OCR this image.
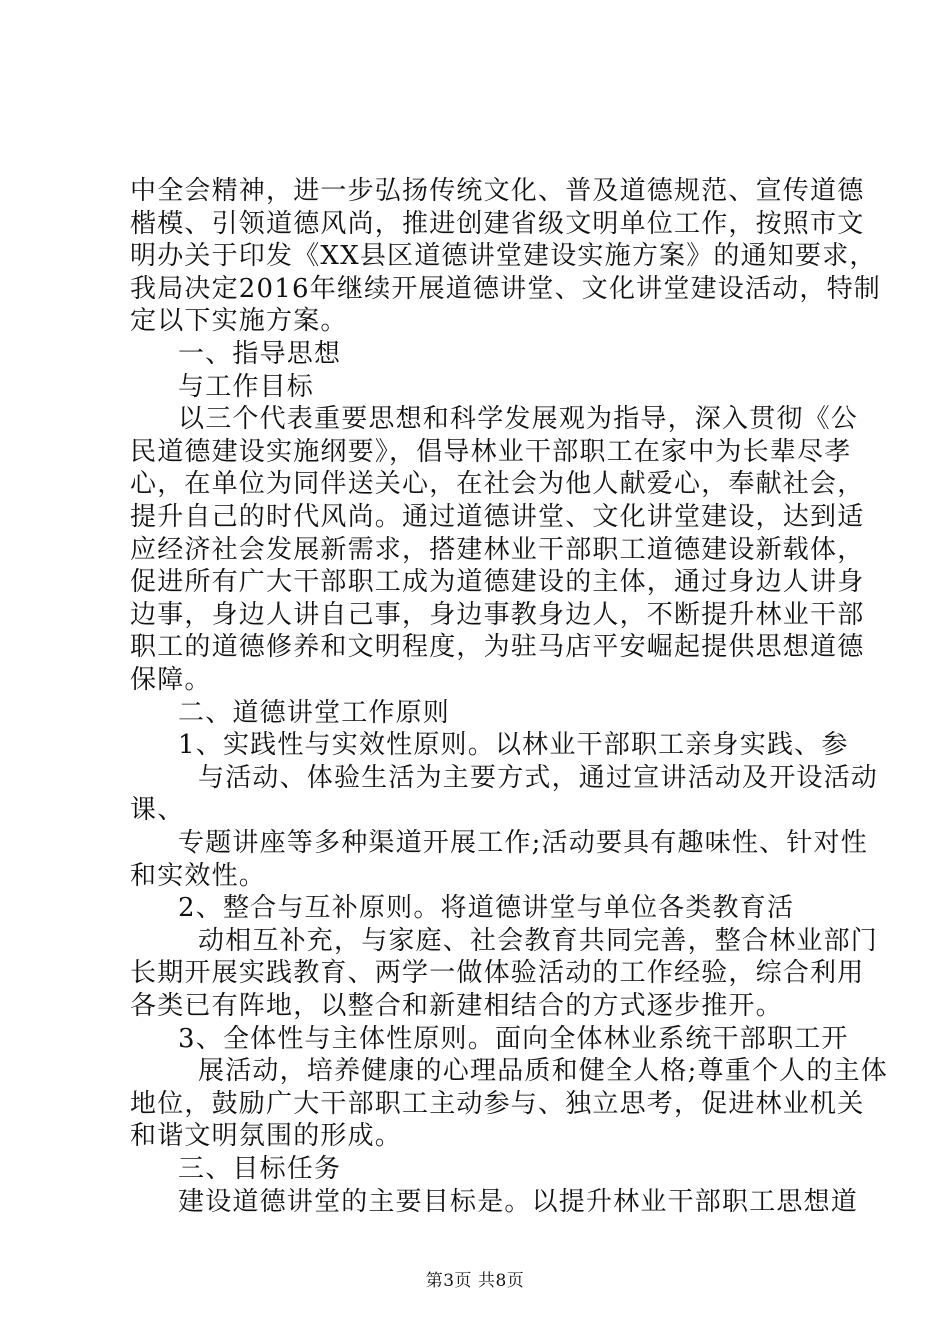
中全会精神，进一步弘扬传统文化、普及道德规范、宣传道德
楷模、引领道德风尚，推进创建省级文明单位工作，按照市文
明办关于印发《XX县区道德讲堂建设实施方案》的通知要求，
我局决定2016年继续开展道德讲堂、文化讲堂建设活动，特制
定以下实施方案。
一、指导思想
与工作目标
以三个代表重要思想和科学发展观为指导，深入贯彻《公
民道德建设实施纲要》，倡导林业干部职工在家中为长辈尽孝
心，在单位为同伴送关心，在社会为他人献爱心，奉献社会，
提升自己的时代风尚。通过道德讲堂、文化讲堂建设，达到适
应经济社会发展新需求，搭建林业干部职工道德建设新载体，
促进所有广大干部职工成为道德建设的主体，通过身边人讲身
边事，身边人讲自己事，身边事教身边人，不断提升林业干部
职工的道德修养和文明程度，为驻马店平安崛起提供思想道德
保障。
二、道德讲堂工作原则
1、实践性与实效性原则。以林业干部职工亲身实践、参
与活动、体验生活为主要方式，通过宣讲活动及开设活动
课、
专题讲座等多种渠道开展工作;活动要具有趣味性、针对性
和实效性。
2、整合与互补原则。将道德讲堂与单位各类教育活
动相互补充，与家庭、社会教育共同完善，整合林业部门
长期开展实践教育、两学一做体验活动的工作经验，综合利用
各类已有阵地，以整合和新建相结合的方式逐步推开。
3、全体性与主体性原则。面向全体林业系统干部职工开
展活动，培养健康的心理品质和健全人格;尊重个人的主体
地位，鼓励广大干部职工主动参与、独立思考，促进林业机关
和谐文明氛围的形成。
三、目标任务
建设道德讲堂的主要目标是。以提升林业干部职工思想道
第3页 共8页
